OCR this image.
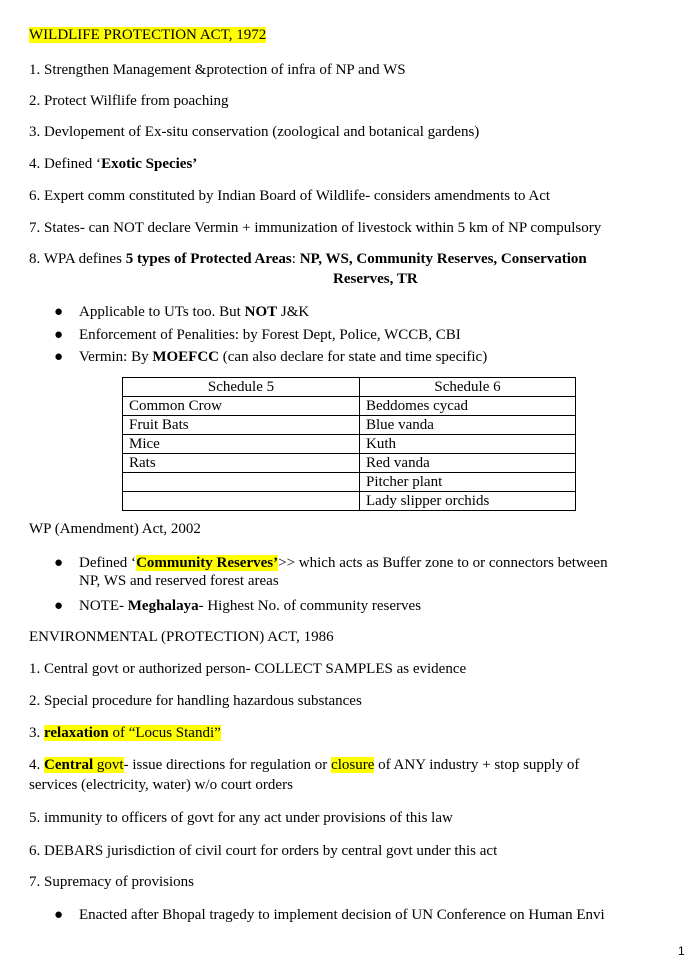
WILDLIFE PROTECTION ACT, 1972
1. Strengthen Management &protection of infra of NP and WS
2. Protect Wilflife from poaching
3. Devlopement of Ex-situ conservation (zoological and botanical gardens)
4. Defined ‘Exotic Species’
6. Expert comm constituted by Indian Board of Wildlife- considers amendments to Act
7. States- can NOT declare Vermin + immunization of livestock within 5 km of NP compulsory
8. WPA defines 5 types of Protected Areas: NP, WS, Community Reserves, Conservation
Reserves, TR
● Applicable to UTs too. But NOT J&K
● Enforcement of Penalities: by Forest Dept, Police, WCCB, CBI
● Vermin: By MOEFCC (can also declare for state and time specific)
Schedule 5	Schedule 6
Common Crow	Beddomes cycad
Fruit Bats	Blue vanda
Mice	Kuth
Rats	Red vanda
	Pitcher plant
	Lady slipper orchids
WP (Amendment) Act, 2002
● Defined ‘Community Reserves’>> which acts as Buffer zone to or connectors between
NP, WS and reserved forest areas
● NOTE- Meghalaya- Highest No. of community reserves
ENVIRONMENTAL (PROTECTION) ACT, 1986
1. Central govt or authorized person- COLLECT SAMPLES as evidence
2. Special procedure for handling hazardous substances
3. relaxation of “Locus Standi”
4. Central govt- issue directions for regulation or closure of ANY industry + stop supply of
services (electricity, water) w/o court orders
5. immunity to officers of govt for any act under provisions of this law
6. DEBARS jurisdiction of civil court for orders by central govt under this act
7. Supremacy of provisions
● Enacted after Bhopal tragedy to implement decision of UN Conference on Human Envi
1
